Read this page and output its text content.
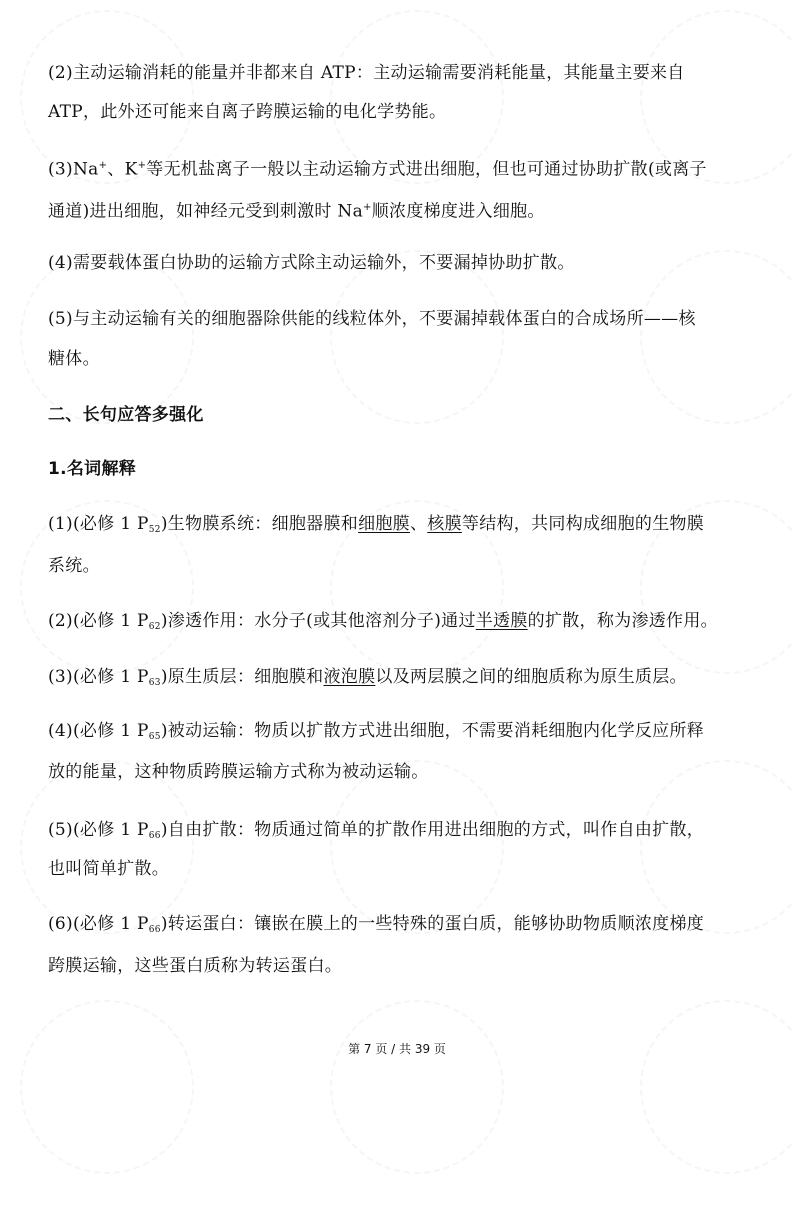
(2)主动运输消耗的能量并非都来自 ATP：主动运输需要消耗能量，其能量主要来自
ATP，此外还可能来自离子跨膜运输的电化学势能。
(3)Na+、K+等无机盐离子一般以主动运输方式进出细胞，但也可通过协助扩散(或离子
通道)进出细胞，如神经元受到刺激时 Na+顺浓度梯度进入细胞。
(4)需要载体蛋白协助的运输方式除主动运输外，不要漏掉协助扩散。
(5)与主动运输有关的细胞器除供能的线粒体外，不要漏掉载体蛋白的合成场所——核
糖体。
二、长句应答多强化
1.名词解释
(1)(必修 1 $P_{52}$)生物膜系统：细胞器膜和细胞膜、核膜等结构，共同构成细胞的生物膜
系统。
(2)(必修 1 $P_{62}$)渗透作用：水分子(或其他溶剂分子)通过半透膜的扩散，称为渗透作用。
(3)(必修 1 $P_{63}$)原生质层：细胞膜和液泡膜以及两层膜之间的细胞质称为原生质层。
(4)(必修 1 $P_{65}$)被动运输：物质以扩散方式进出细胞，不需要消耗细胞内化学反应所释
放的能量，这种物质跨膜运输方式称为被动运输。
(5)(必修 1 $P_{66}$)自由扩散：物质通过简单的扩散作用进出细胞的方式，叫作自由扩散，
也叫简单扩散。
(6)(必修 1 $P_{66}$)转运蛋白：镶嵌在膜上的一些特殊的蛋白质，能够协助物质顺浓度梯度
跨膜运输，这些蛋白质称为转运蛋白。
第 7 页 / 共 39 页
